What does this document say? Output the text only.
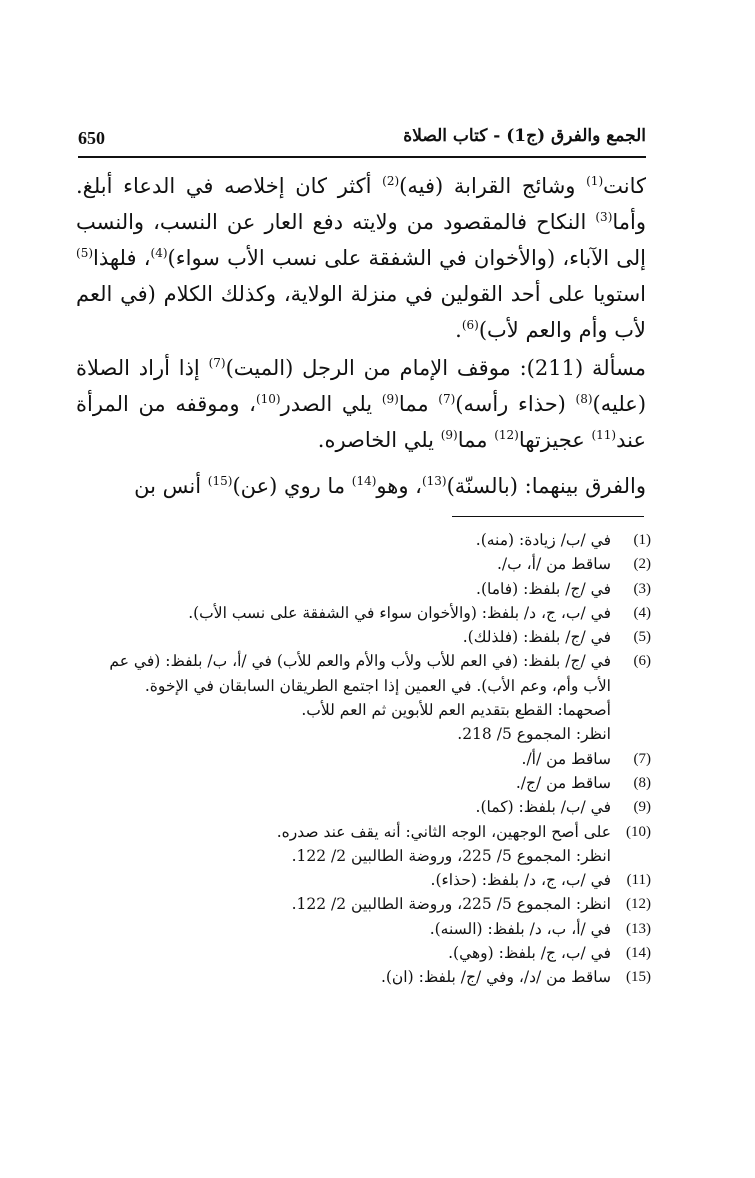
650	الجمع والفرق (ج1) - كتاب الصلاة

كانت$^{(1)}$ وشائج القرابة (فيه)$^{(2)}$ أكثر كان إخلاصه في الدعاء أبلغ. وأما$^{(3)}$ النكاح فالمقصود من ولايته دفع العار عن النسب، والنسب إلى الآباء، (والأخوان في الشفقة على نسب الأب سواء)$^{(4)}$، فلهذا$^{(5)}$ استويا على أحد القولين في منزلة الولاية، وكذلك الكلام (في العم لأب وأم والعم لأب)$^{(6)}$.

مسألة (211): موقف الإمام من الرجل (الميت)$^{(7)}$ إذا أراد الصلاة (عليه)$^{(8)}$ (حذاء رأسه)$^{(7)}$ مما$^{(9)}$ يلي الصدر$^{(10)}$، وموقفه من المرأة عند$^{(11)}$ عجيزتها$^{(12)}$ مما$^{(9)}$ يلي الخاصره.

والفرق بينهما: (بالسنّة)$^{(13)}$، وهو$^{(14)}$ ما روي (عن)$^{(15)}$ أنس بن

(1)
في /ب/ زيادة: (منه).
(2)
ساقط من /أ، ب/.
(3)
في /ج/ بلفظ: (فاما).
(4)
في /ب، ج، د/ بلفظ: (والأخوان سواء في الشفقة على نسب الأب).
(5)
في /ج/ بلفظ: (فلذلك).
(6)
في /ج/ بلفظ: (في العم للأب ولأب والأم والعم للأب) في /أ، ب/ بلفظ: (في عم
الأب وأم، وعم الأب). في العمين إذا اجتمع الطريقان السابقان في الإخوة.
أصحهما: القطع بتقديم العم للأبوين ثم العم للأب.
انظر: المجموع 5/ 218.
(7)
ساقط من /أ/.
(8)
ساقط من /ج/.
(9)
في /ب/ بلفظ: (كما).
(10)
على أصح الوجهين، الوجه الثاني: أنه يقف عند صدره.
انظر: المجموع 5/ 225، وروضة الطالبين 2/ 122.
(11)
في /ب، ج، د/ بلفظ: (حذاء).
(12)
انظر: المجموع 5/ 225، وروضة الطالبين 2/ 122.
(13)
في /أ، ب، د/ بلفظ: (السنه).
(14)
في /ب، ج/ بلفظ: (وهي).
(15)
ساقط من /د/، وفي /ج/ بلفظ: (ان).
